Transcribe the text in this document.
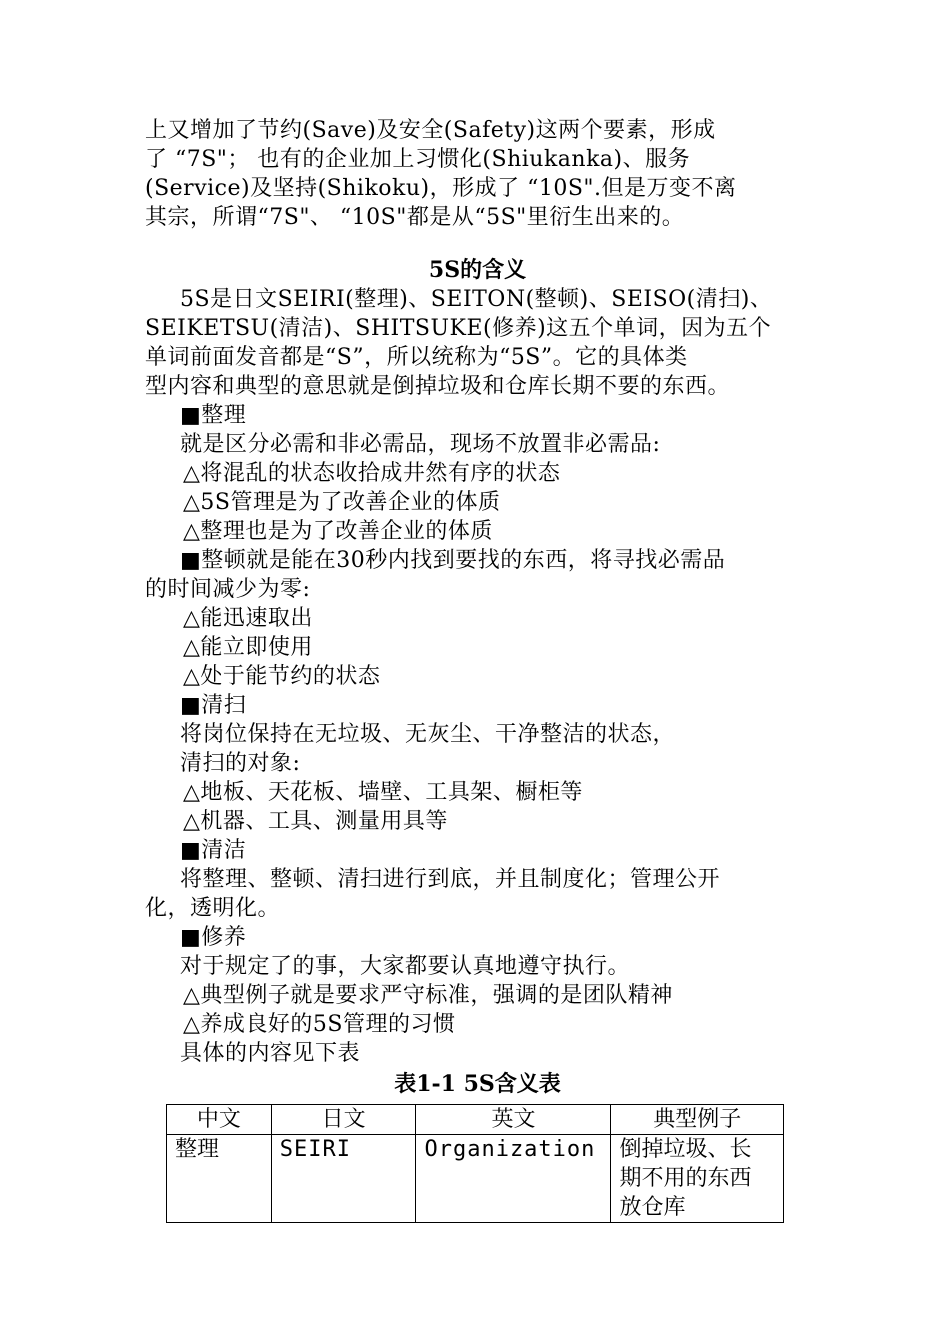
上又增加了节约(Save)及安全(Safety)这两个要素，形成
了 “7S"； 也有的企业加上习惯化(Shiukanka)、服务
(Service)及坚持(Shikoku)，形成了 “10S".但是万变不离
其宗，所谓“7S"、 “10S"都是从“5S"里衍生出来的。
5S的含义
5S是日文SEIRI(整理)、SEITON(整顿)、SEISO(清扫)、
SEIKETSU(清洁)、SHITSUKE(修养)这五个单词，因为五个
单词前面发音都是“S”，所以统称为“5S”。它的具体类
型内容和典型的意思就是倒掉垃圾和仓库长期不要的东西。
■整理
就是区分必需和非必需品，现场不放置非必需品:
△将混乱的状态收拾成井然有序的状态
△5S管理是为了改善企业的体质
△整理也是为了改善企业的体质
■整顿就是能在30秒内找到要找的东西，将寻找必需品
的时间减少为零:
△能迅速取出
△能立即使用
△处于能节约的状态
■清扫
将岗位保持在无垃圾、无灰尘、干净整洁的状态，
清扫的对象:
△地板、天花板、墙壁、工具架、橱柜等
△机器、工具、测量用具等
■清洁
将整理、整顿、清扫进行到底，并且制度化；管理公开
化，透明化。
■修养
对于规定了的事，大家都要认真地遵守执行。
△典型例子就是要求严守标准，强调的是团队精神
△养成良好的5S管理的习惯
具体的内容见下表
表1-1 5S含义表
中文	日文	英文	典型例子
整理	SEIRI	Organization	倒掉垃圾、长
期不用的东西
放仓库
